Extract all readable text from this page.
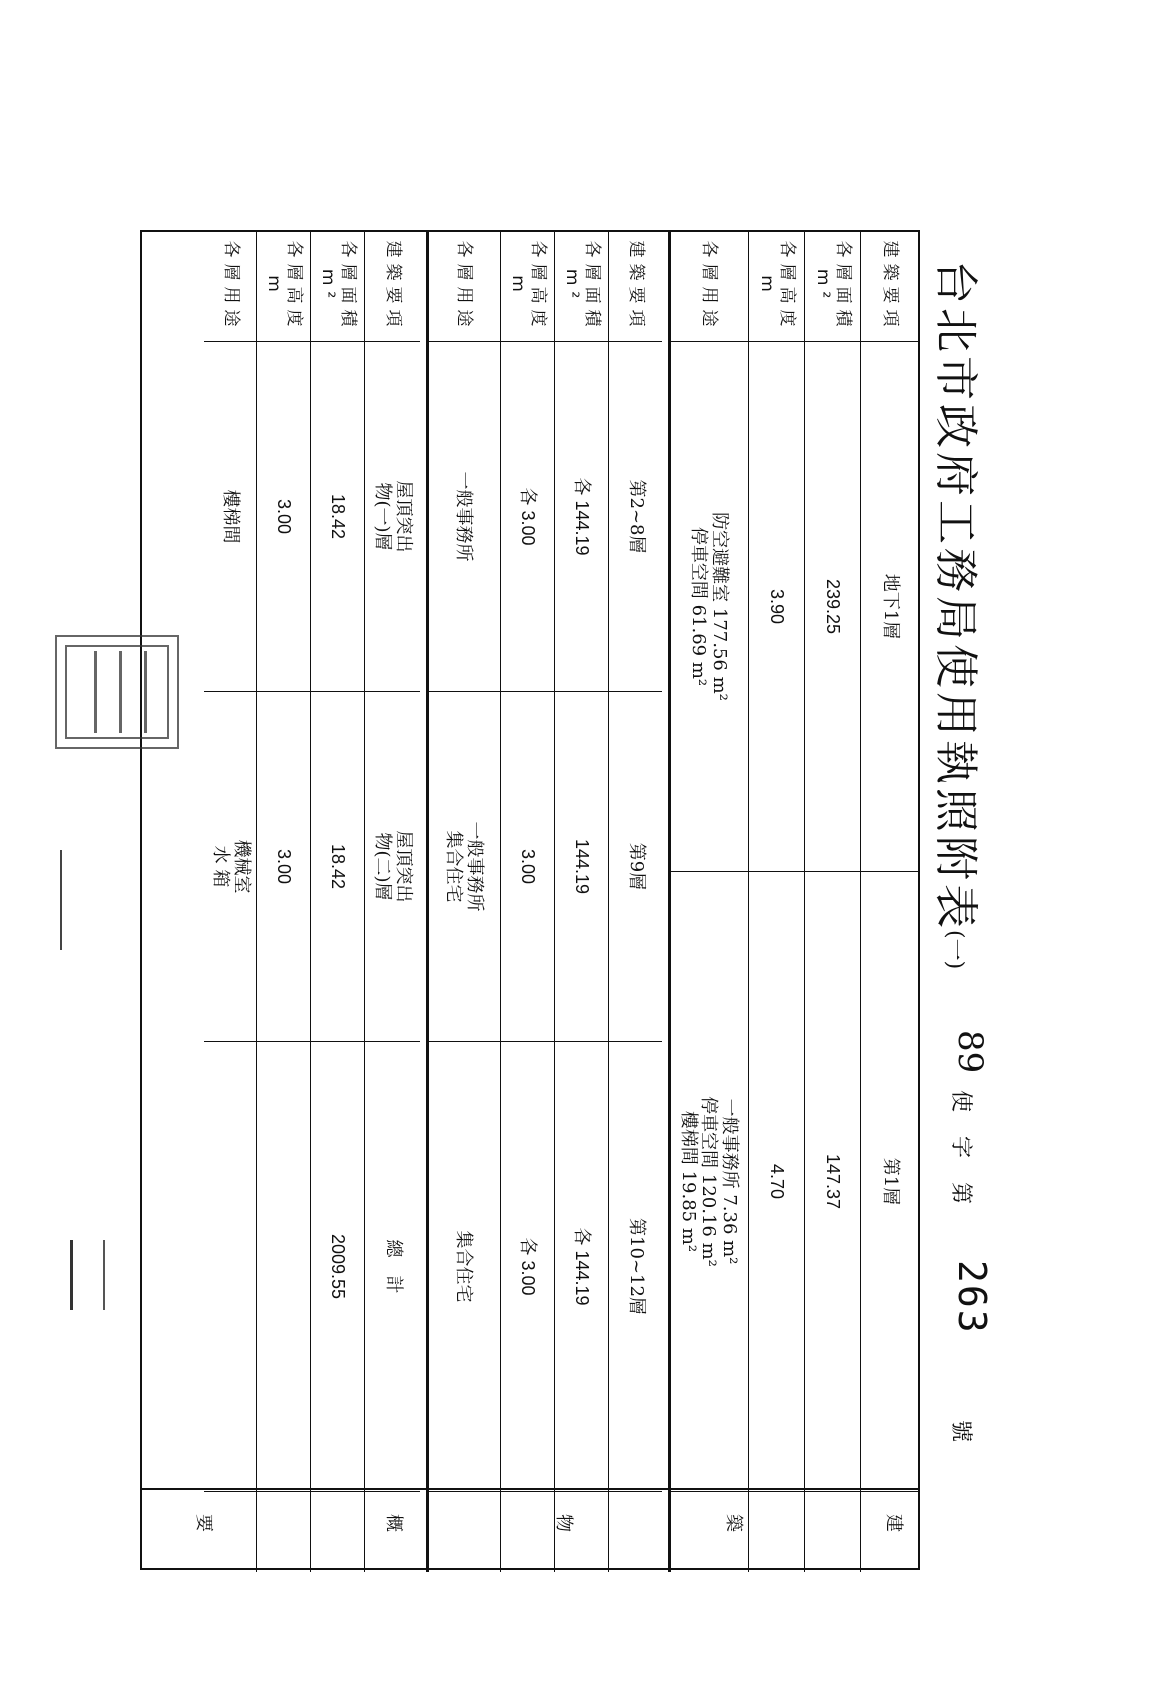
台北市政府工務局使用執照附表
(一)
89
使字第
263
號
建築要項
地下1層
第1層
各層面積m²
239.25
147.37
各層高度 m
3.90
4.70
各層用途
防空避難室 177.56 m²
停車空間 61.69 m²
一般事務所 7.36 m²
停車空間 120.16 m²
樓梯間 19.85 m²
建築要項
第2~8層
第9層
第10~12層
各層面積m²
各 144.19
144.19
各 144.19
各層高度 m
各 3.00
3.00
各 3.00
各層用途
一般事務所
一般事務所
集合住宅
集合住宅
建築要項
屋頂突出
物(一)層
屋頂突出
物(二)層
總　計
各層面積m²
18.42
18.42
2009.55
各層高度 m
3.00
3.00
各層用途
樓梯間
機械室
水 箱
建
築
物
概
要
